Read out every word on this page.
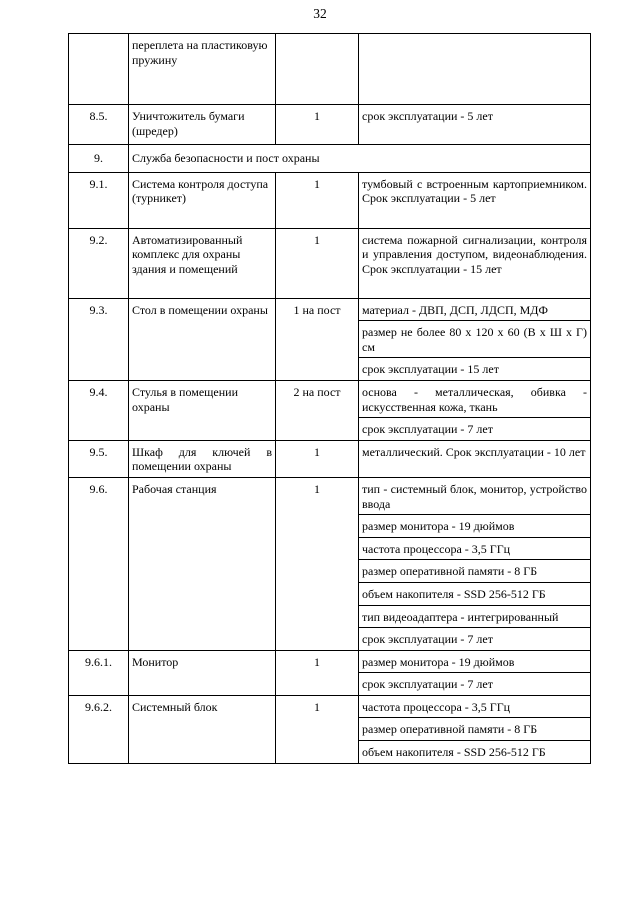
32
	переплета на пластиковую пружину		
8.5.	Уничтожитель бумаги (шредер)	1	срок эксплуатации - 5 лет
9.	Служба безопасности и пост охраны		
9.1.	Система контроля доступа (турникет)	1	тумбовый с встроенным картоприемником. Срок эксплуатации - 5 лет
9.2.	Автоматизированный комплекс для охраны здания и помещений	1	система пожарной сигнализации, контроля и управления доступом, видеонаблюдения. Срок эксплуатации - 15 лет
9.3.	Стол в помещении охраны	1 на пост	материал - ДВП, ДСП, ЛДСП, МДФ
			размер не более 80 х 120 х 60 (В х Ш х Г) см
			срок эксплуатации - 15 лет
9.4.	Стулья в помещении охраны	2 на пост	основа - металлическая, обивка - искусственная кожа, ткань
			срок эксплуатации - 7 лет
9.5.	Шкаф для ключей в помещении охраны	1	металлический. Срок эксплуатации - 10 лет
9.6.	Рабочая станция	1	тип - системный блок, монитор, устройство ввода
			размер монитора - 19 дюймов
			частота процессора - 3,5 ГГц
			размер оперативной памяти - 8 ГБ
			объем накопителя - SSD 256-512 ГБ
			тип видеоадаптера - интегрированный
			срок эксплуатации - 7 лет
9.6.1.	Монитор	1	размер монитора - 19 дюймов
			срок эксплуатации - 7 лет
9.6.2.	Системный блок	1	частота процессора - 3,5 ГГц
			размер оперативной памяти - 8 ГБ
			объем накопителя - SSD 256-512 ГБ
